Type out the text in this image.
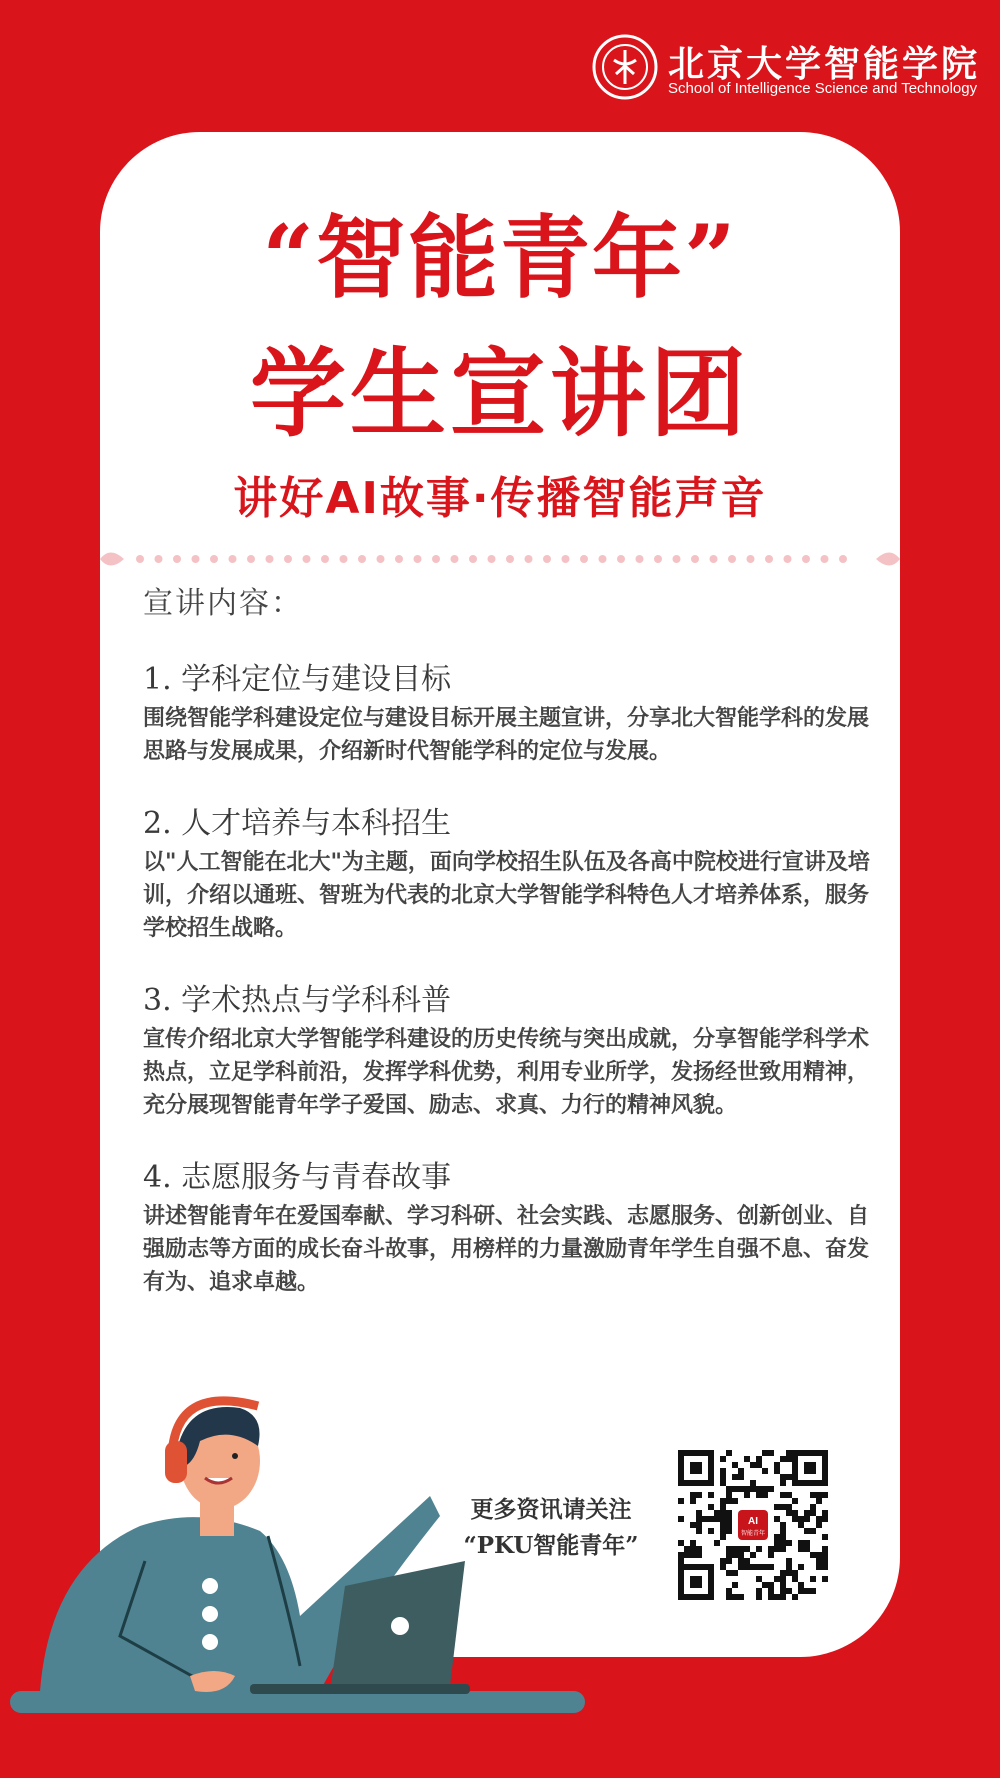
北京大学智能学院
School of Intelligence Science and Technology
“智能青年”
学生宣讲团
讲好AI故事·传播智能声音
宣讲内容：
1. 学科定位与建设目标
围绕智能学科建设定位与建设目标开展主题宣讲，分享北大智能学科的发展思路与发展成果，介绍新时代智能学科的定位与发展。
2. 人才培养与本科招生
以"人工智能在北大"为主题，面向学校招生队伍及各高中院校进行宣讲及培训，介绍以通班、智班为代表的北京大学智能学科特色人才培养体系，服务学校招生战略。
3. 学术热点与学科科普
宣传介绍北京大学智能学科建设的历史传统与突出成就，分享智能学科学术热点，立足学科前沿，发挥学科优势，利用专业所学，发扬经世致用精神，充分展现智能青年学子爱国、励志、求真、力行的精神风貌。
4. 志愿服务与青春故事
讲述智能青年在爱国奉献、学习科研、社会实践、志愿服务、创新创业、自强励志等方面的成长奋斗故事，用榜样的力量激励青年学生自强不息、奋发有为、追求卓越。
更多资讯请关注
“PKU智能青年”
AI
智能青年
